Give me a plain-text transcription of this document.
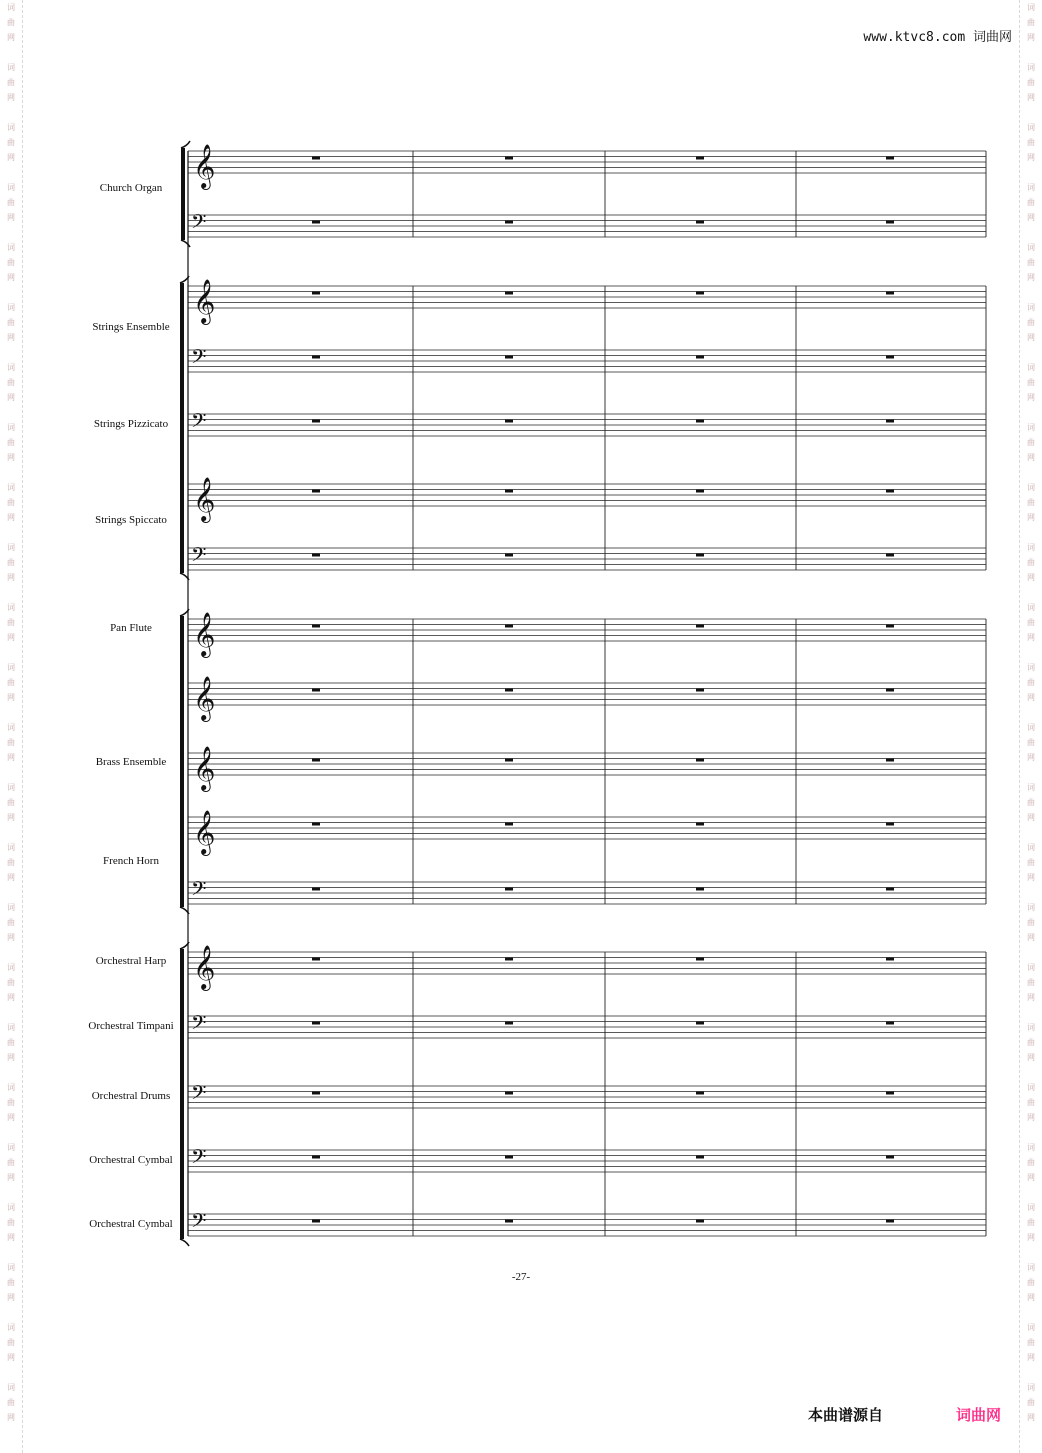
词
曲
网
词
曲
网
词
曲
网
词
曲
网
词
曲
网
词
曲
网
词
曲
网
词
曲
网
词
曲
网
词
曲
网
词
曲
网
词
曲
网
词
曲
网
词
曲
网
词
曲
网
词
曲
网
词
曲
网
词
曲
网
词
曲
网
词
曲
网
词
曲
网
词
曲
网
词
曲
网
词
曲
网
词
曲
网
词
曲
网
词
曲
网
词
曲
网
词
曲
网
词
曲
网
词
曲
网
词
曲
网
词
曲
网
词
曲
网
词
曲
网
词
曲
网
词
曲
网
词
曲
网
词
曲
网
词
曲
网
词
曲
网
词
曲
网
词
曲
网
词
曲
网
词
曲
网
词
曲
网
词
曲
网
词
曲
网
www.ktvc8.com 词曲网
𝄞
𝄢
𝄞
𝄢
𝄢
𝄞
𝄢
𝄞
𝄞
𝄞
𝄞
𝄢
𝄞
𝄢
𝄢
𝄢
𝄢
Church Organ
Strings Ensemble
Strings Pizzicato
Strings Spiccato
Pan Flute
Brass Ensemble
French Horn
Orchestral Harp
Orchestral Timpani
Orchestral Drums
Orchestral Cymbal
Orchestral Cymbal
-27-
本曲谱源自	词曲网
